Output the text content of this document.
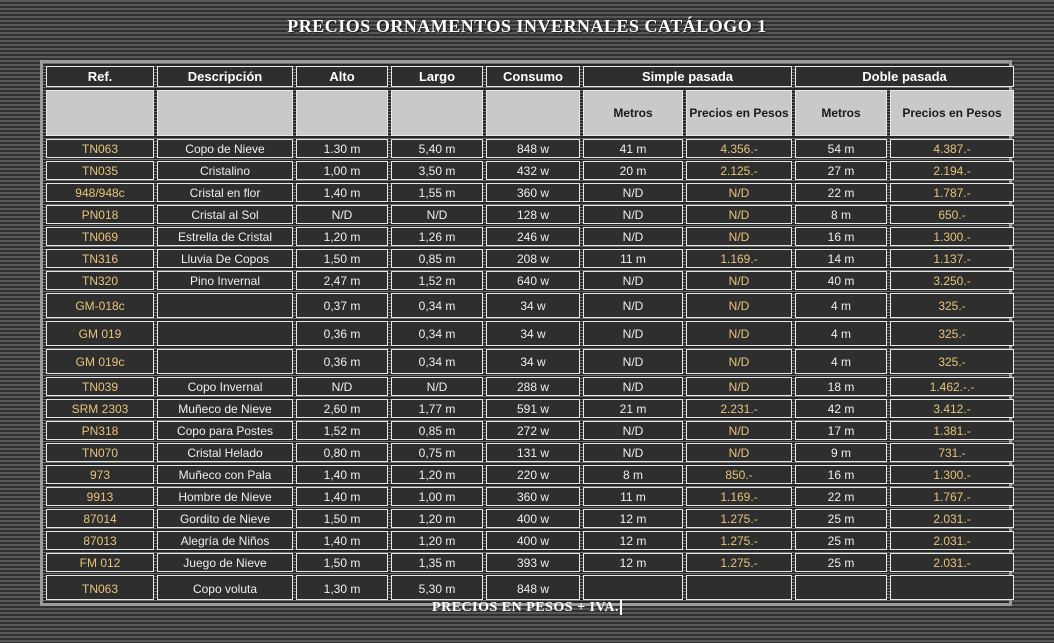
PRECIOS ORNAMENTOS INVERNALES CATÁLOGO 1
Ref.	Descripción	Alto	Largo	Consumo	Simple pasada		Doble pasada	
					Metros	Precios en Pesos	Metros	Precios en Pesos
TN063	Copo de Nieve	1.30 m	5,40 m	848 w	41 m	4.356.-	54 m	4.387.-
TN035	Cristalino	1,00 m	3,50 m	432 w	20 m	2.125.-	27 m	2.194.-
948/948c	Cristal en flor	1,40 m	1,55 m	360 w	N/D	N/D	22 m	1.787.-
PN018	Cristal al Sol	N/D	N/D	128 w	N/D	N/D	8 m	650.-
TN069	Estrella de Cristal	1,20 m	1,26 m	246 w	N/D	N/D	16 m	1.300.-
TN316	Lluvia De Copos	1,50 m	0,85 m	208 w	11 m	1.169.-	14 m	1.137.-
TN320	Pino Invernal	2,47 m	1,52 m	640 w	N/D	N/D	40 m	3.250.-
GM-018c		0,37 m	0,34 m	34 w	N/D	N/D	4 m	325.-
GM 019		0,36 m	0,34 m	34 w	N/D	N/D	4 m	325.-
GM 019c		0,36 m	0,34 m	34 w	N/D	N/D	4 m	325.-
TN039	Copo Invernal	N/D	N/D	288 w	N/D	N/D	18 m	1.462.-.-
SRM 2303	Muñeco de Nieve	2,60 m	1,77 m	591 w	21 m	2.231.-	42 m	3.412.-
PN318	Copo para Postes	1,52 m	0,85 m	272 w	N/D	N/D	17 m	1.381.-
TN070	Cristal Helado	0,80 m	0,75 m	131 w	N/D	N/D	9 m	731.-
973	Muñeco con Pala	1,40 m	1,20 m	220 w	8 m	850.-	16 m	1.300.-
9913	Hombre de Nieve	1,40 m	1,00 m	360 w	11 m	1.169.-	22 m	1.767.-
87014	Gordito de Nieve	1,50 m	1,20 m	400 w	12 m	1.275.-	25 m	2.031.-
87013	Alegría de Niños	1,40 m	1,20 m	400 w	12 m	1.275.-	25 m	2.031.-
FM 012	Juego de Nieve	1,50 m	1,35 m	393 w	12 m	1.275.-	25 m	2.031.-
TN063	Copo voluta	1,30 m	5,30 m	848 w				
PRECIOS EN PESOS + IVA.
